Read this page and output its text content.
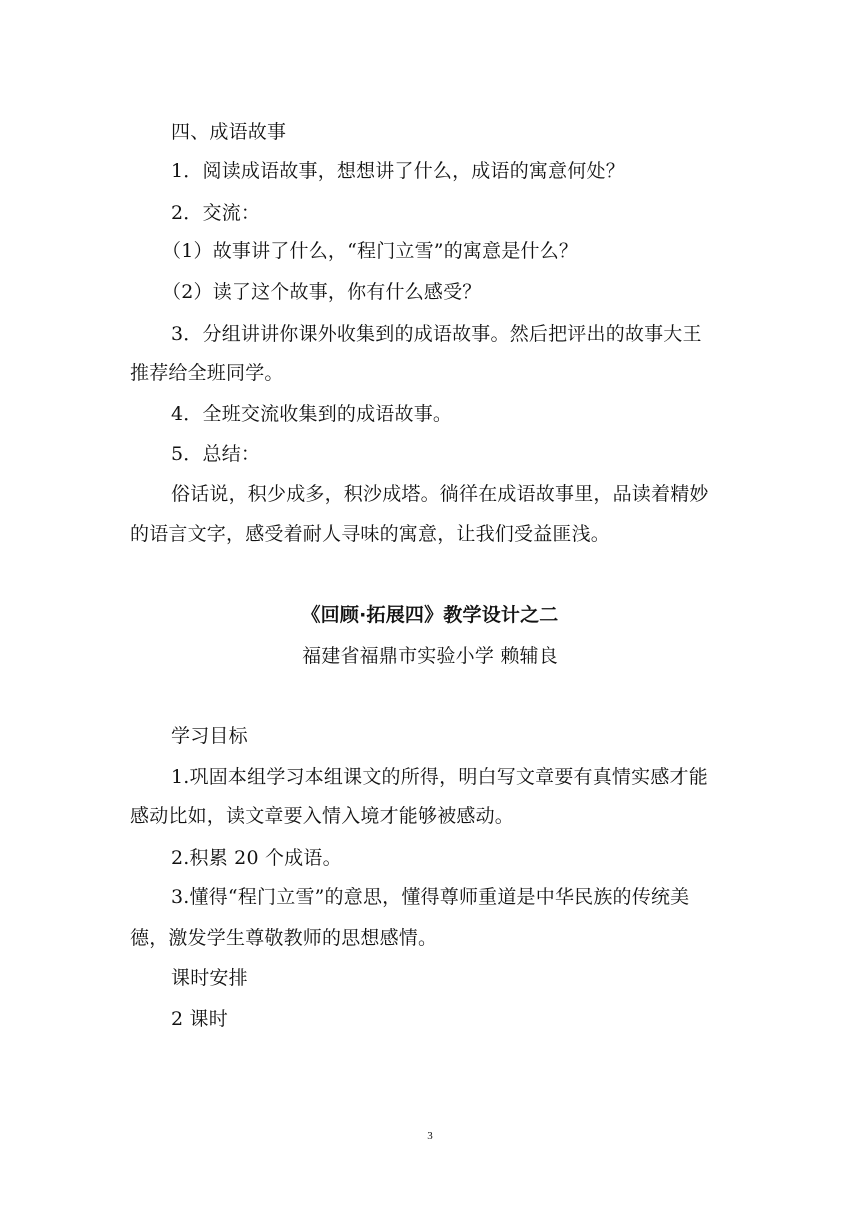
四、成语故事
1．阅读成语故事，想想讲了什么，成语的寓意何处？
2．交流：
（1）故事讲了什么，“程门立雪”的寓意是什么？
（2）读了这个故事，你有什么感受？
3．分组讲讲你课外收集到的成语故事。然后把评出的故事大王
推荐给全班同学。
4．全班交流收集到的成语故事。
5．总结：
俗话说，积少成多，积沙成塔。徜徉在成语故事里，品读着精妙
的语言文字，感受着耐人寻味的寓意，让我们受益匪浅。
《回顾·拓展四》教学设计之二
福建省福鼎市实验小学 赖辅良
学习目标
1.巩固本组学习本组课文的所得，明白写文章要有真情实感才能
感动比如，读文章要入情入境才能够被感动。
2.积累 20 个成语。
3.懂得“程门立雪”的意思，懂得尊师重道是中华民族的传统美
德，激发学生尊敬教师的思想感情。
课时安排
2 课时
3
